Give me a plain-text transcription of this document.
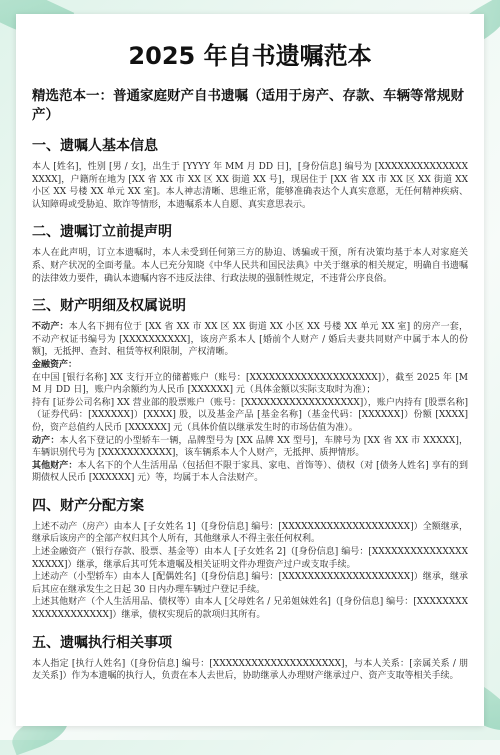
2025 年自书遗嘱范本
精选范本一：普通家庭财产自书遗嘱（适用于房产、存款、车辆等常规财产）
一、遗嘱人基本信息

本人 [姓名]，性别 [男 / 女]，出生于 [YYYY 年 MM 月 DD 日]，[身份信息] 编号为 [XXXXXXXXXXXXXXXXXX]，户籍所在地为 [XX 省 XX 市 XX 区 XX 街道 XX 号]，现居住于 [XX 省 XX 市 XX 区 XX 街道 XX 小区 XX 号楼 XX 单元 XX 室]。本人神志清晰、思维正常，能够准确表达个人真实意愿，无任何精神疾病、认知障碍或受胁迫、欺诈等情形，本遗嘱系本人自愿、真实意思表示。

二、遗嘱订立前提声明

本人在此声明，订立本遗嘱时，本人未受到任何第三方的胁迫、诱骗或干预，所有决策均基于本人对家庭关系、财产状况的全面考量。本人已充分知晓《中华人民共和国民法典》中关于继承的相关规定，明确自书遗嘱的法律效力要件，确认本遗嘱内容不违反法律、行政法规的强制性规定，不违背公序良俗。

三、财产明细及权属说明

不动产：本人名下拥有位于 [XX 省 XX 市 XX 区 XX 街道 XX 小区 XX 号楼 XX 单元 XX 室] 的房产一套，不动产权证书编号为 [XXXXXXXXXX]，该房产系本人 [婚前个人财产 / 婚后夫妻共同财产中属于本人的份额]，无抵押、查封、租赁等权利限制，产权清晰。

金融资产：

在中国 [银行名称] XX 支行开立的储蓄账户（账号：[XXXXXXXXXXXXXXXXXXXX]），截至 2025 年 [MM 月 DD 日]，账户内余额约为人民币 [XXXXXX] 元（具体金额以实际支取时为准）；

持有 [证券公司名称] XX 营业部的股票账户（账号：[XXXXXXXXXXXXXXXXXX]），账户内持有 [股票名称]（证券代码：[XXXXXX]）[XXXX] 股，以及基金产品 [基金名称]（基金代码：[XXXXXX]）份额 [XXXX] 份，资产总值约人民币 [XXXXXX] 元（具体价值以继承发生时的市场估值为准）。

动产：本人名下登记的小型轿车一辆，品牌型号为 [XX 品牌 XX 型号]，车牌号为 [XX 省 XX 市 XXXXX]，车辆识别代号为 [XXXXXXXXXXX]，该车辆系本人个人财产，无抵押、质押情形。

其他财产：本人名下的个人生活用品（包括但不限于家具、家电、首饰等）、债权（对 [债务人姓名] 享有的到期债权人民币 [XXXXXX] 元）等，均属于本人合法财产。

四、财产分配方案

上述不动产（房产）由本人 [子女姓名 1]（[身份信息] 编号：[XXXXXXXXXXXXXXXXXXXX]）全额继承，继承后该房产的全部产权归其个人所有，其他继承人不得主张任何权利。

上述金融资产（银行存款、股票、基金等）由本人 [子女姓名 2]（[身份信息] 编号：[XXXXXXXXXXXXXXXXXXXX]）继承，继承后其可凭本遗嘱及相关证明文件办理资产过户或支取手续。

上述动产（小型轿车）由本人 [配偶姓名]（[身份信息] 编号：[XXXXXXXXXXXXXXXXXXXX]）继承，继承后其应在继承发生之日起 30 日内办理车辆过户登记手续。

上述其他财产（个人生活用品、债权等）由本人 [父母姓名 / 兄弟姐妹姓名]（[身份信息] 编号：[XXXXXXXXXXXXXXXXXXXX]）继承，债权实现后的款项归其所有。

五、遗嘱执行相关事项

本人指定 [执行人姓名]（[身份信息] 编号：[XXXXXXXXXXXXXXXXXXXX]，与本人关系：[亲属关系 / 朋友关系]）作为本遗嘱的执行人，负责在本人去世后，协助继承人办理财产继承过户、资产支取等相关手续。
